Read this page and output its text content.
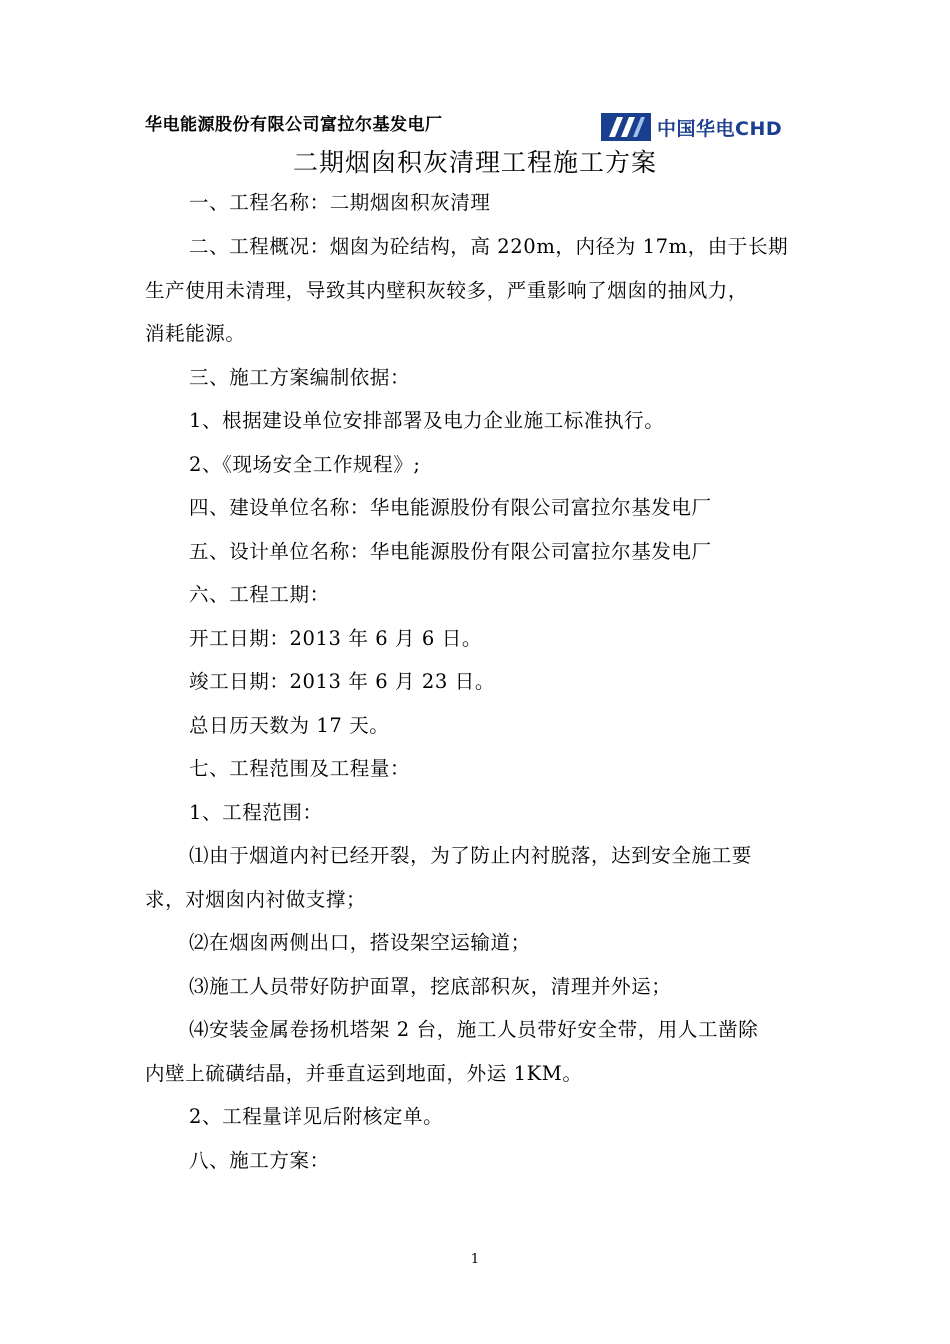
华电能源股份有限公司富拉尔基发电厂	中国华电CHD
二期烟囱积灰清理工程施工方案
一、工程名称：二期烟囱积灰清理
二、工程概况：烟囱为砼结构，高 220m，内径为 17m，由于长期
生产使用未清理，导致其内壁积灰较多，严重影响了烟囱的抽风力，
消耗能源。
三、施工方案编制依据：
1、根据建设单位安排部署及电力企业施工标准执行。
2、《现场安全工作规程》;
四、建设单位名称：华电能源股份有限公司富拉尔基发电厂
五、设计单位名称：华电能源股份有限公司富拉尔基发电厂
六、工程工期：
开工日期：2013 年 6 月 6 日。
竣工日期：2013 年 6 月 23 日。
总日历天数为 17 天。
七、工程范围及工程量：
1、工程范围：
⑴由于烟道内衬已经开裂，为了防止内衬脱落，达到安全施工要
求，对烟囱内衬做支撑；
⑵在烟囱两侧出口，搭设架空运输道；
⑶施工人员带好防护面罩，挖底部积灰，清理并外运；
⑷安装金属卷扬机塔架 2 台，施工人员带好安全带，用人工凿除
内壁上硫磺结晶，并垂直运到地面，外运 1KM。
2、工程量详见后附核定单。
八、施工方案：
1
